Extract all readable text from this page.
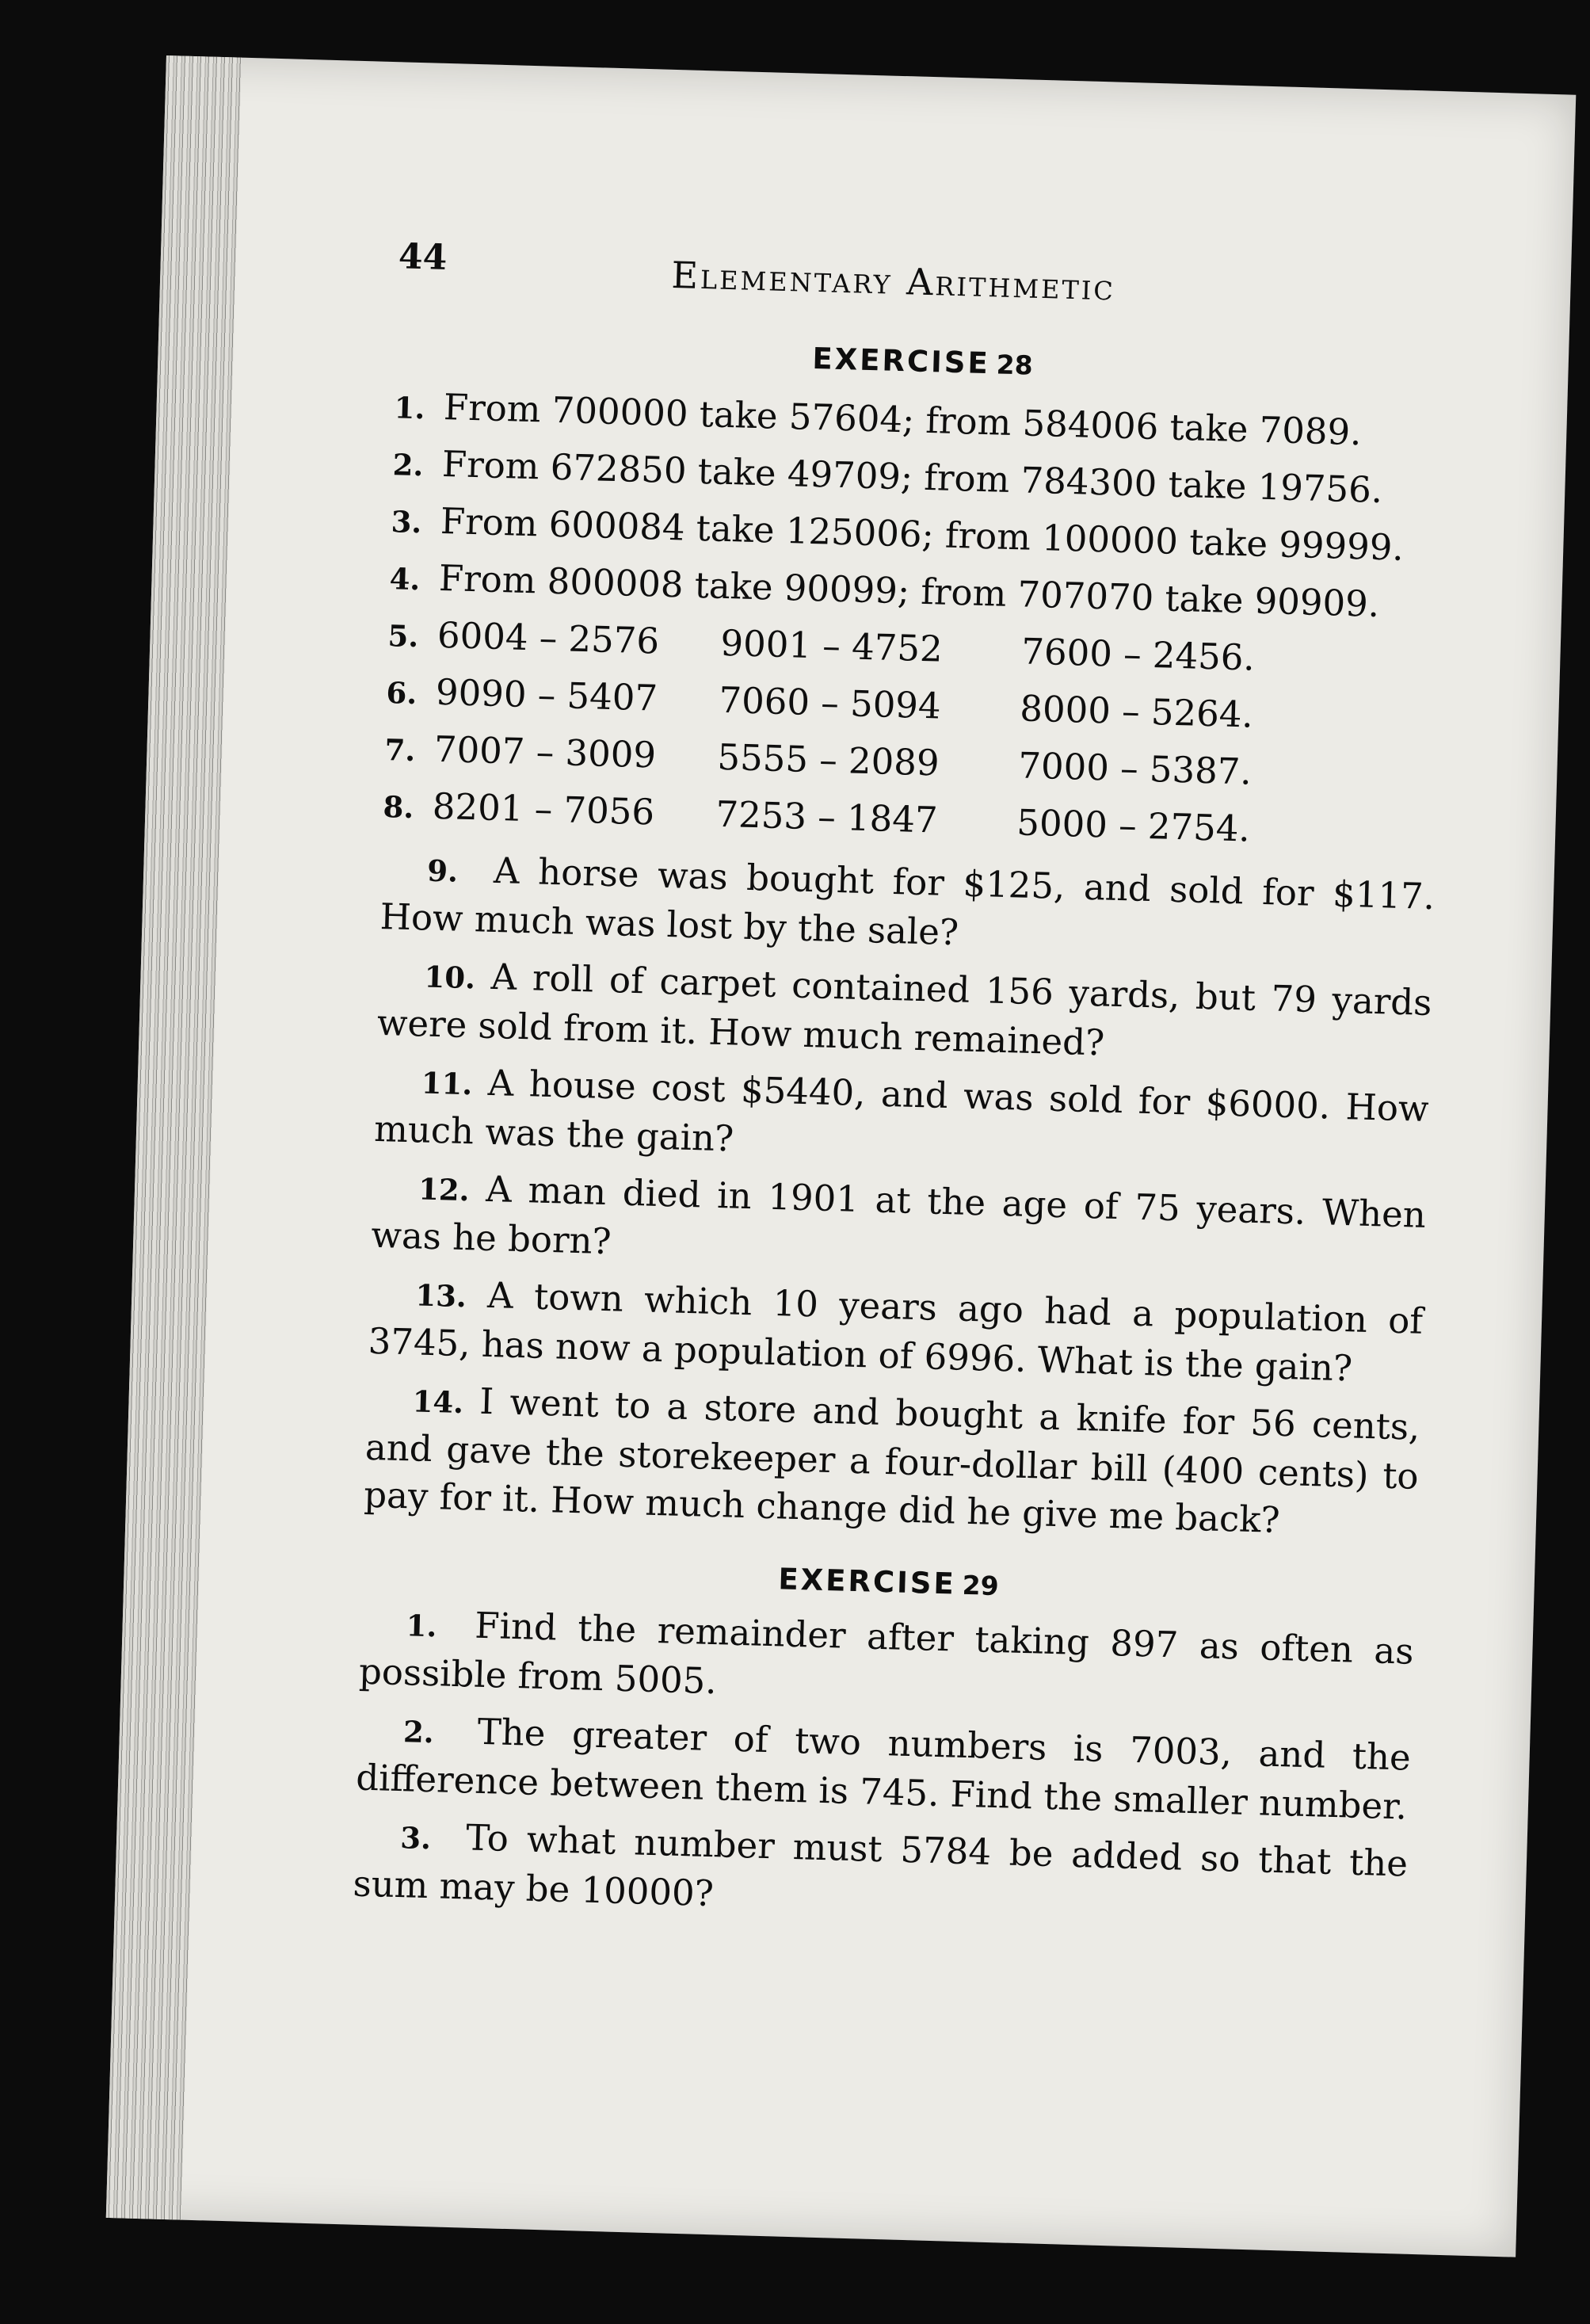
44	Elementary Arithmetic
EXERCISE 28
1. From 700000 take 57604; from 584006 take 7089.
2. From 672850 take 49709; from 784300 take 19756.
3. From 600084 take 125006; from 100000 take 99999.
4. From 800008 take 90099; from 707070 take 90909.
5. 6004 – 2576	9001 – 4752	7600 – 2456.
6. 9090 – 5407	7060 – 5094	8000 – 5264.
7. 7007 – 3009	5555 – 2089	7000 – 5387.
8. 8201 – 7056	7253 – 1847	5000 – 2754.
9. A horse was bought for $125, and sold for $117. How much was lost by the sale?
10. A roll of carpet contained 156 yards, but 79 yards were sold from it. How much remained?
11. A house cost $5440, and was sold for $6000. How much was the gain?
12. A man died in 1901 at the age of 75 years. When was he born?
13. A town which 10 years ago had a population of 3745, has now a population of 6996. What is the gain?
14. I went to a store and bought a knife for 56 cents, and gave the storekeeper a four-dollar bill (400 cents) to pay for it. How much change did he give me back?
EXERCISE 29
1. Find the remainder after taking 897 as often as possible from 5005.
2. The greater of two numbers is 7003, and the difference between them is 745. Find the smaller number.
3. To what number must 5784 be added so that the sum may be 10000?
